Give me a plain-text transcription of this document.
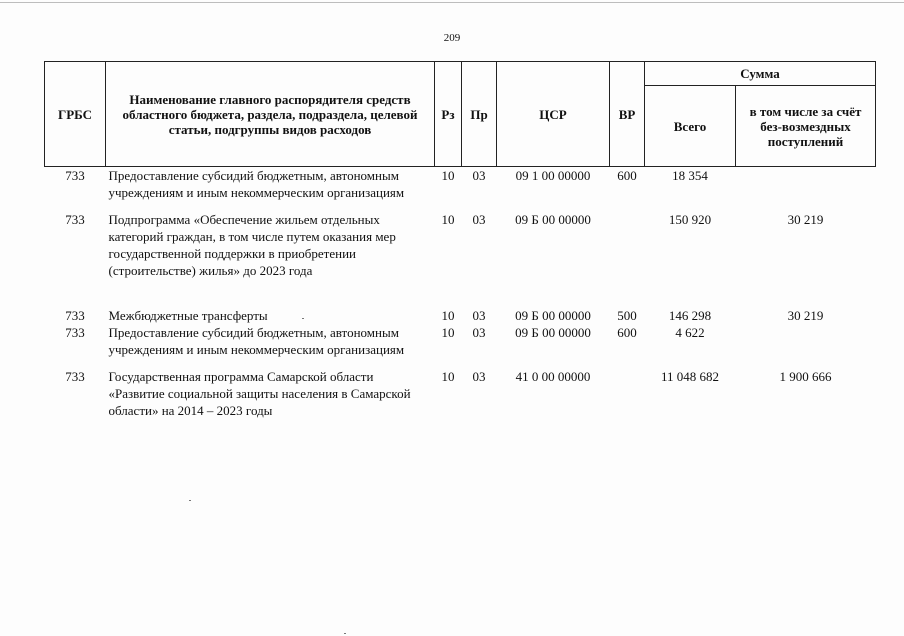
209
ГРБС	Наименование главного распорядителя средств областного бюджета, раздела, подраздела, целевой статьи, подгруппы видов расходов	Рз	Пр	ЦСР	ВР	Сумма	
						Всего	в том числе за счёт без-возмездных поступлений
733	Предоставление субсидий бюджетным, автономным учреждениям и иным некоммерческим организациям	10	03	09 1 00 00000	600	18 354	

733	Подпрограмма «Обеспечение жильем отдельных категорий граждан, в том числе путем оказания мер государственной поддержки в приобретении (строительстве) жилья» до 2023 года	10	03	09 Б 00 00000		150 920	30 219

733	Межбюджетные трансферты	10	03	09 Б 00 00000	500	146 298	30 219
733	Предоставление субсидий бюджетным, автономным учреждениям и иным некоммерческим организациям	10	03	09 Б 00 00000	600	4 622	

733	Государственная программа Самарской области «Развитие социальной защиты населения в Самарской области» на 2014 – 2023 годы	10	03	41 0 00 00000		11 048 682	1 900 666
